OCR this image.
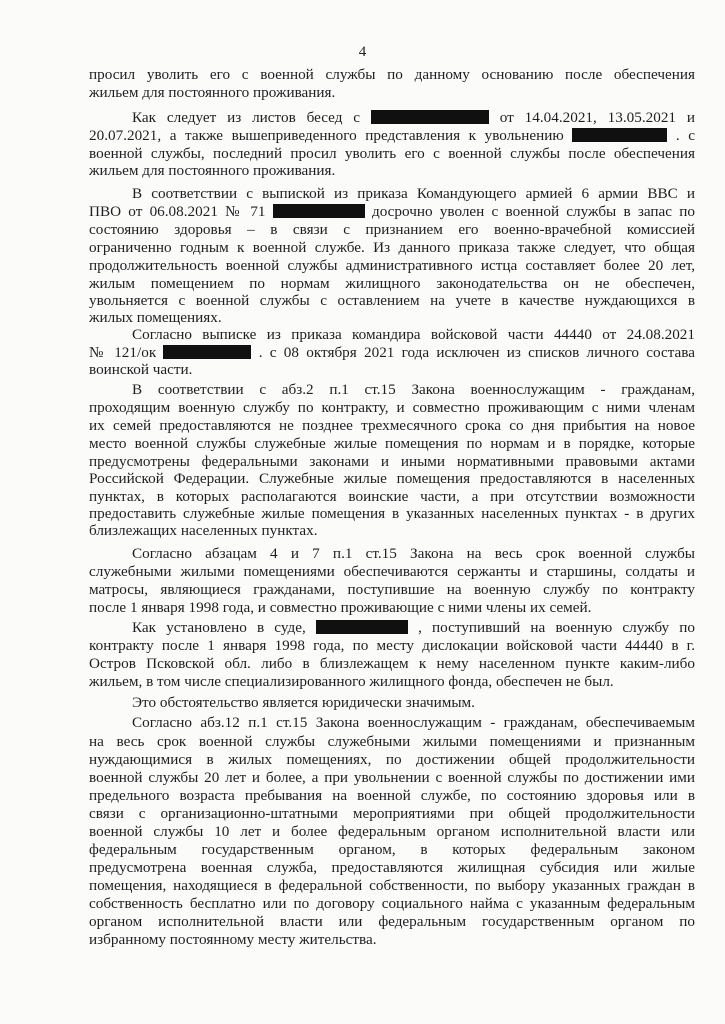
4
просил уволить его с военной службы по данному основанию после обеспечения
жильем для постоянного проживания.
Как следует из листов бесед с	от 14.04.2021, 13.05.2021 и
20.07.2021, а также вышеприведенного представления к увольнению	. с
военной службы, последний просил уволить его с военной службы после обеспечения
жильем для постоянного проживания.
В соответствии с выпиской из приказа Командующего армией 6 армии ВВС и
ПВО от 06.08.2021 № 71	досрочно уволен с военной службы в запас по
состоянию здоровья – в связи с признанием его военно-врачебной комиссией
ограниченно годным к военной службе. Из данного приказа также следует, что общая
продолжительность военной службы административного истца составляет более 20 лет,
жилым помещением по нормам жилищного законодательства он не обеспечен,
увольняется с военной службы с оставлением на учете в качестве нуждающихся в
жилых помещениях.
Согласно выписке из приказа командира войсковой части 44440 от 24.08.2021
№ 121/ок	. с 08 октября 2021 года исключен из списков личного состава
воинской части.
В соответствии с абз.2 п.1 ст.15 Закона военнослужащим - гражданам,
проходящим военную службу по контракту, и совместно проживающим с ними членам
их семей предоставляются не позднее трехмесячного срока со дня прибытия на новое
место военной службы служебные жилые помещения по нормам и в порядке, которые
предусмотрены федеральными законами и иными нормативными правовыми актами
Российской Федерации. Служебные жилые помещения предоставляются в населенных
пунктах, в которых располагаются воинские части, а при отсутствии возможности
предоставить служебные жилые помещения в указанных населенных пунктах - в других
близлежащих населенных пунктах.
Согласно абзацам 4 и 7 п.1 ст.15 Закона на весь срок военной службы
служебными жилыми помещениями обеспечиваются сержанты и старшины, солдаты и
матросы, являющиеся гражданами, поступившие на военную службу по контракту
после 1 января 1998 года, и совместно проживающие с ними члены их семей.
Как установлено в суде,	, поступивший на военную службу по
контракту после 1 января 1998 года, по месту дислокации войсковой части 44440 в г.
Остров Псковской обл. либо в близлежащем к нему населенном пункте каким-либо
жильем, в том числе специализированного жилищного фонда, обеспечен не был.
Это обстоятельство является юридически значимым.
Согласно абз.12 п.1 ст.15 Закона военнослужащим - гражданам, обеспечиваемым
на весь срок военной службы служебными жилыми помещениями и признанным
нуждающимися в жилых помещениях, по достижении общей продолжительности
военной службы 20 лет и более, а при увольнении с военной службы по достижении ими
предельного возраста пребывания на военной службе, по состоянию здоровья или в
связи с организационно-штатными мероприятиями при общей продолжительности
военной службы 10 лет и более федеральным органом исполнительной власти или
федеральным государственным органом, в которых федеральным законом
предусмотрена военная служба, предоставляются жилищная субсидия или жилые
помещения, находящиеся в федеральной собственности, по выбору указанных граждан в
собственность бесплатно или по договору социального найма с указанным федеральным
органом исполнительной власти или федеральным государственным органом по
избранному постоянному месту жительства.
